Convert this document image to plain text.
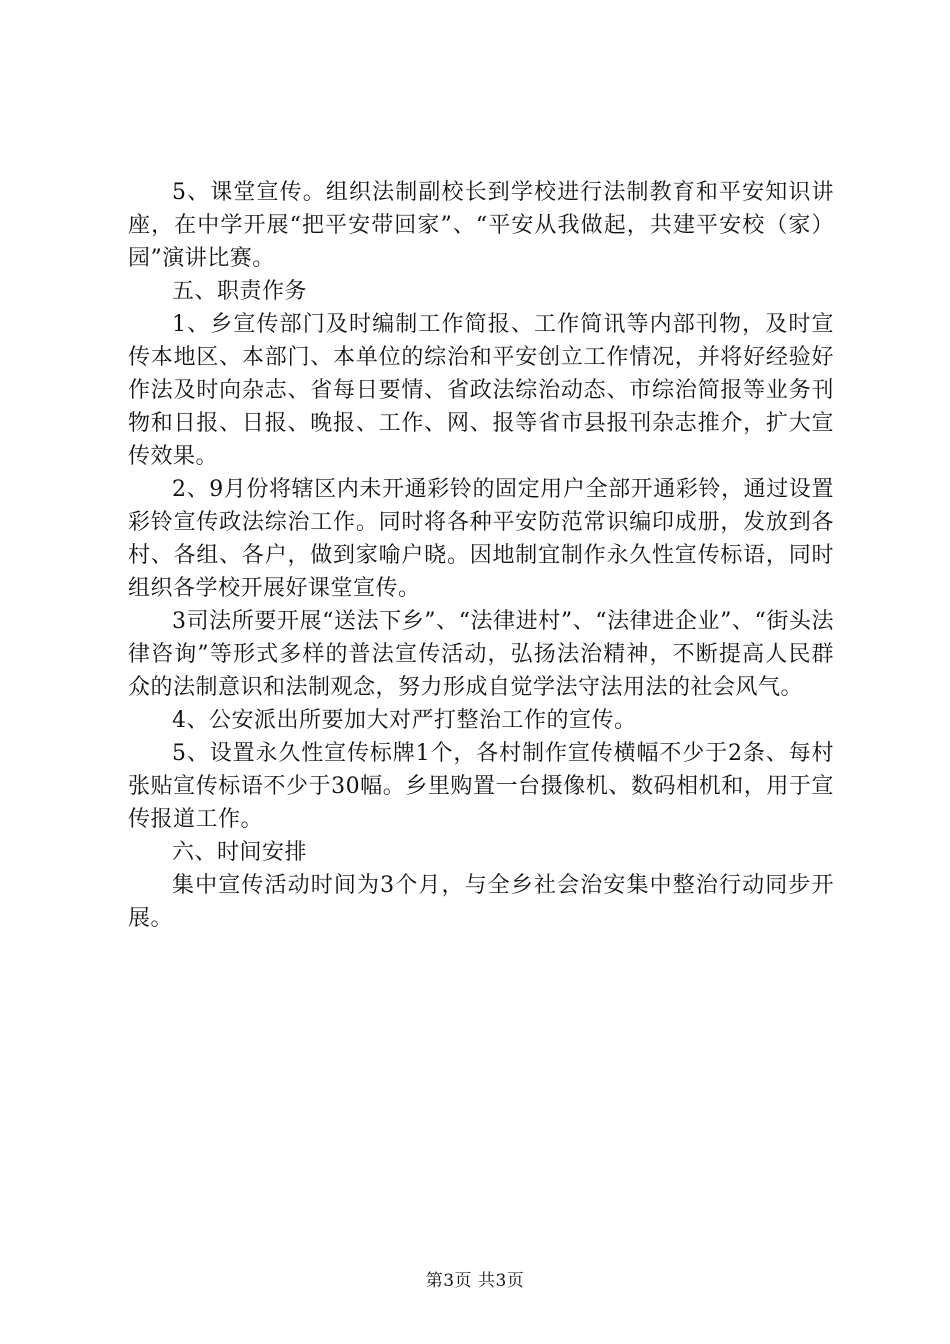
5、课堂宣传。组织法制副校长到学校进行法制教育和平安知识讲座，在中学开展“把平安带回家”、“平安从我做起，共建平安校（家）园”演讲比赛。

五、职责作务

1、乡宣传部门及时编制工作简报、工作简讯等内部刊物，及时宣传本地区、本部门、本单位的综治和平安创立工作情况，并将好经验好作法及时向杂志、省每日要情、省政法综治动态、市综治简报等业务刊物和日报、日报、晚报、工作、网、报等省市县报刊杂志推介，扩大宣传效果。

2、9月份将辖区内未开通彩铃的固定用户全部开通彩铃，通过设置彩铃宣传政法综治工作。同时将各种平安防范常识编印成册，发放到各村、各组、各户，做到家喻户晓。因地制宜制作永久性宣传标语，同时组织各学校开展好课堂宣传。

3司法所要开展“送法下乡”、“法律进村”、“法律进企业”、“街头法律咨询”等形式多样的普法宣传活动，弘扬法治精神，不断提高人民群众的法制意识和法制观念，努力形成自觉学法守法用法的社会风气。

4、公安派出所要加大对严打整治工作的宣传。

5、设置永久性宣传标牌1个，各村制作宣传横幅不少于2条、每村张贴宣传标语不少于30幅。乡里购置一台摄像机、数码相机和，用于宣传报道工作。

六、时间安排

集中宣传活动时间为3个月，与全乡社会治安集中整治行动同步开展。

第3页 共3页
